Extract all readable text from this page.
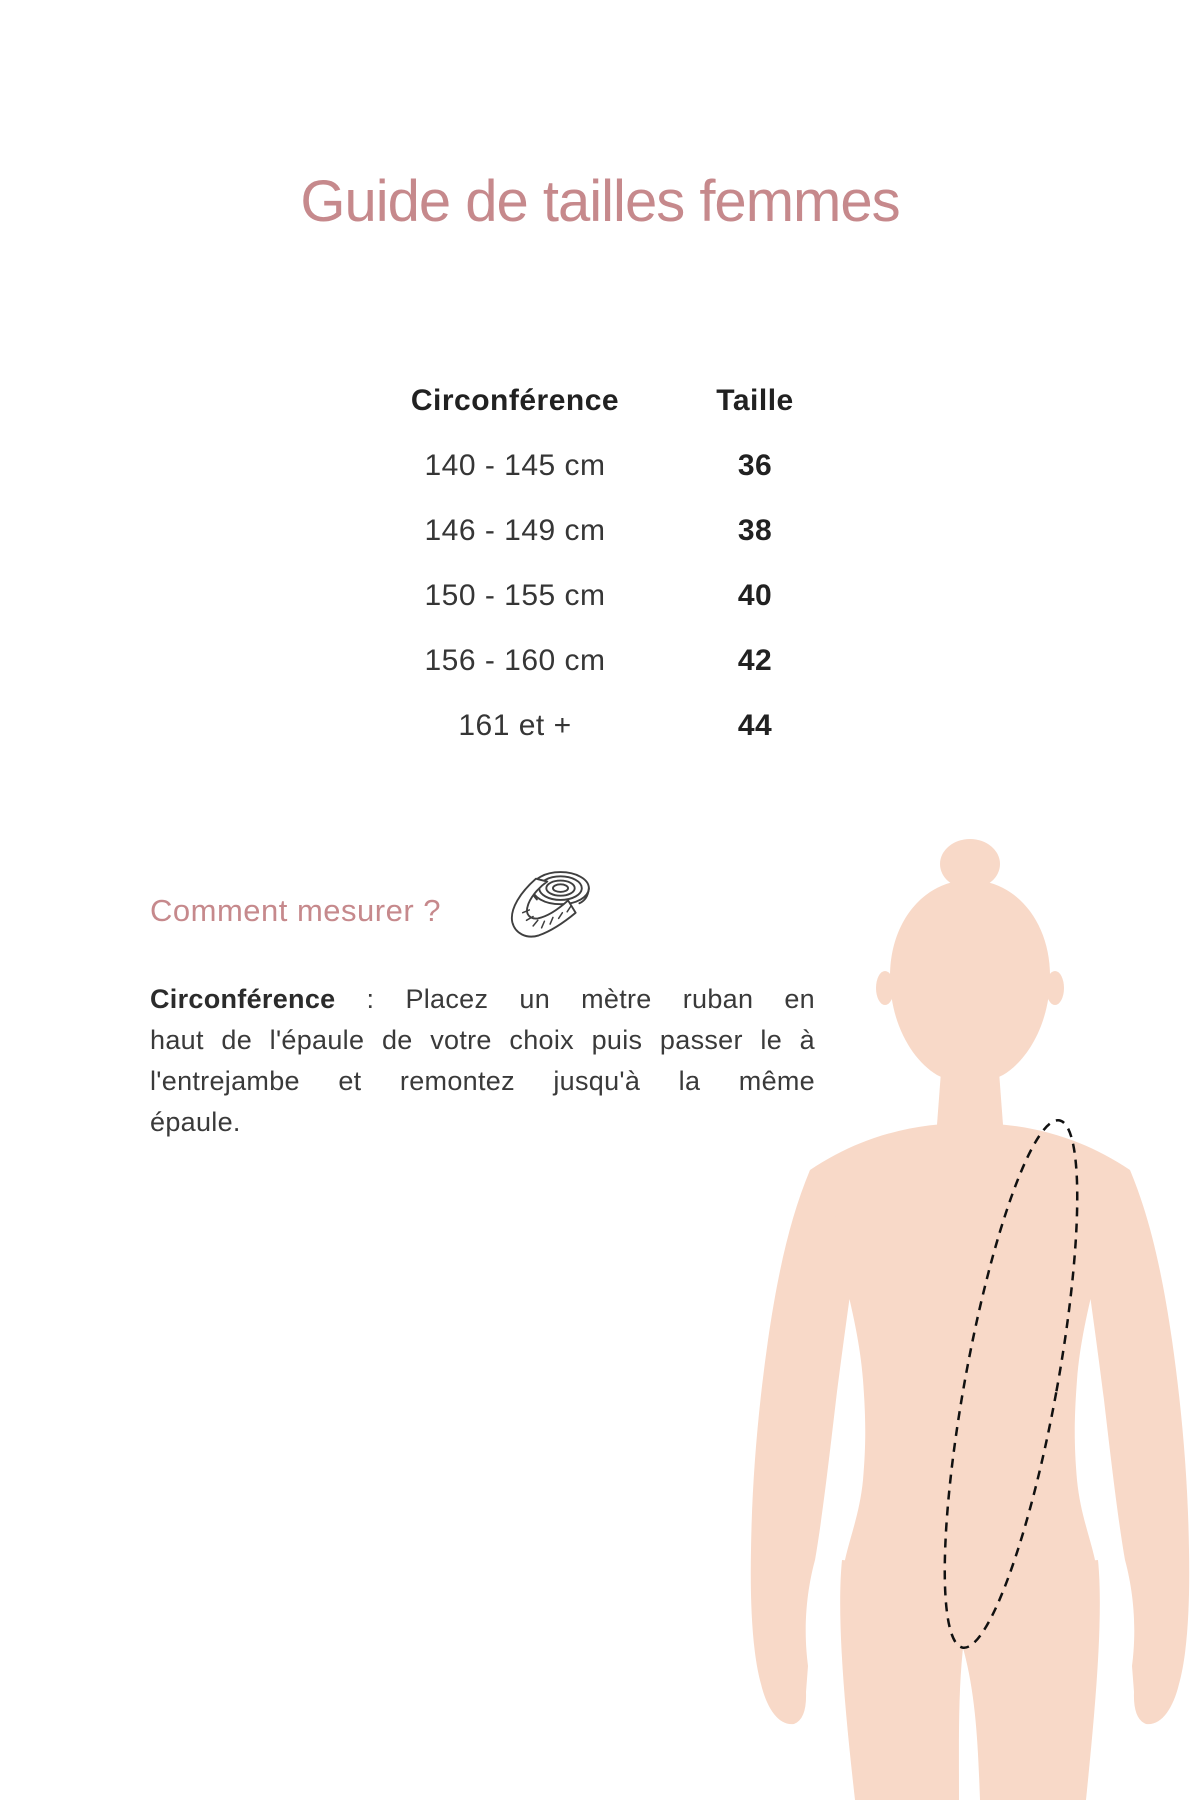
Guide de tailles femmes
Circonférence	Taille
140 - 145 cm	36
146 - 149 cm	38
150 - 155 cm	40
156 - 160 cm	42
161 et +	44
Comment mesurer ?
Circonférence : Placez un mètre ruban en
haut de l'épaule de votre choix puis passer le à
l'entrejambe et remontez jusqu'à la même
épaule.
